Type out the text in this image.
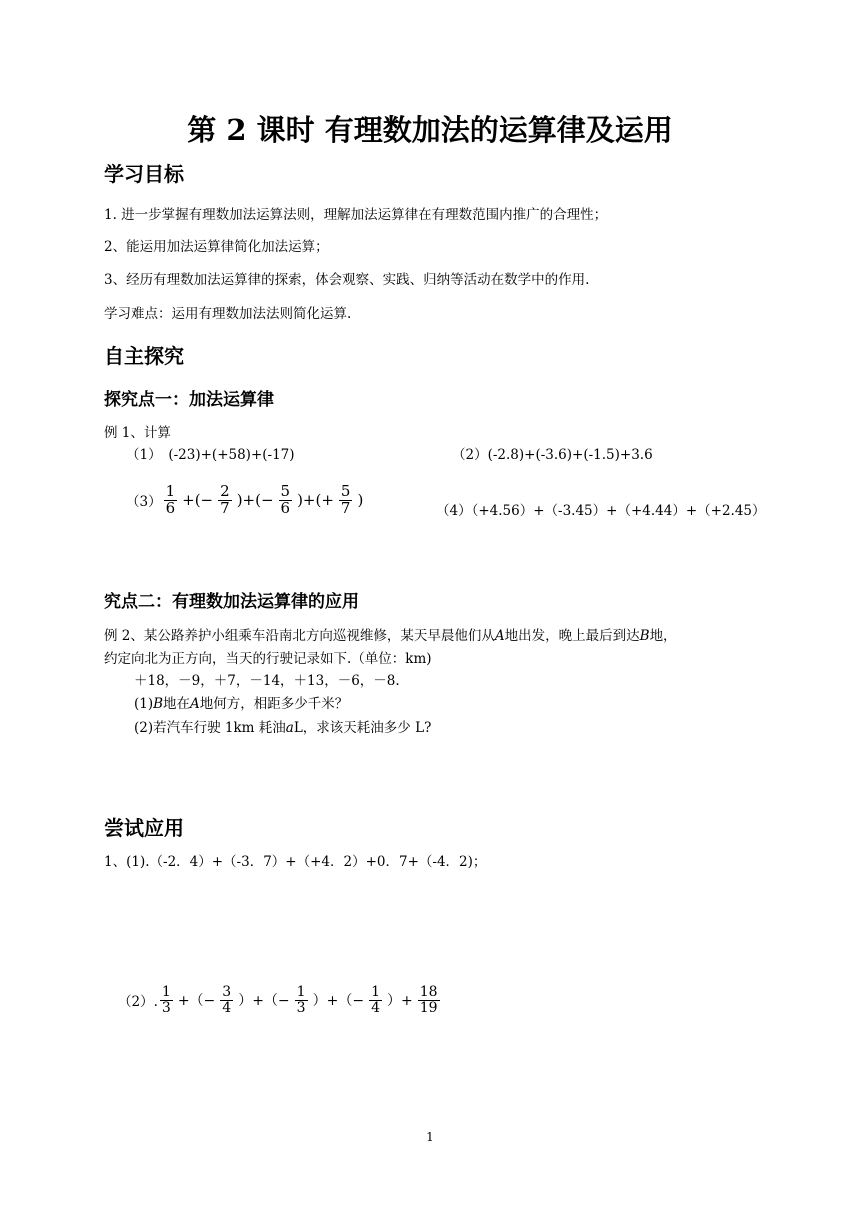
第 2 课时 有理数加法的运算律及运用
学习目标
1. 进一步掌握有理数加法运算法则，理解加法运算律在有理数范围内推广的合理性；
2、能运用加法运算律简化加法运算；
3、经历有理数加法运算律的探索，体会观察、实践、归纳等活动在数学中的作用.
学习难点：运用有理数加法法则简化运算.
自主探究
探究点一：加法运算律
例 1、计算
（1）　(-23)+(+58)+(-17)	（2）(-2.8)+(-3.6)+(-1.5)+3.6
$(3) \frac{1}{6}$ +(− $\frac{2}{7}$ )+(− $\frac{5}{6}$ )+(+ $\frac{5}{7}$ )
（4）（+4.56）+（-3.45）+（+4.44）+（+2.45）
究点二：有理数加法运算律的应用
例 2、某公路养护小组乘车沿南北方向巡视维修，某天早晨他们从A地出发，晚上最后到达B地，
约定向北为正方向，当天的行驶记录如下.（单位：km)
＋18，－9，＋7，－14，＋13，－6，－8.
(1)B地在A地何方，相距多少千米？
(2)若汽车行驶 1km 耗油aL，求该天耗油多少 L?
尝试应用
1、(1).（-2．4）+（-3．7）+（+4．2）+0．7+（-4．2)；
（2）. $\frac{1}{3}$ +（− $\frac{3}{4}$ ）+（− $\frac{1}{3}$ ）+（− $\frac{1}{4}$ ）+ $\frac{18}{19}$
1
